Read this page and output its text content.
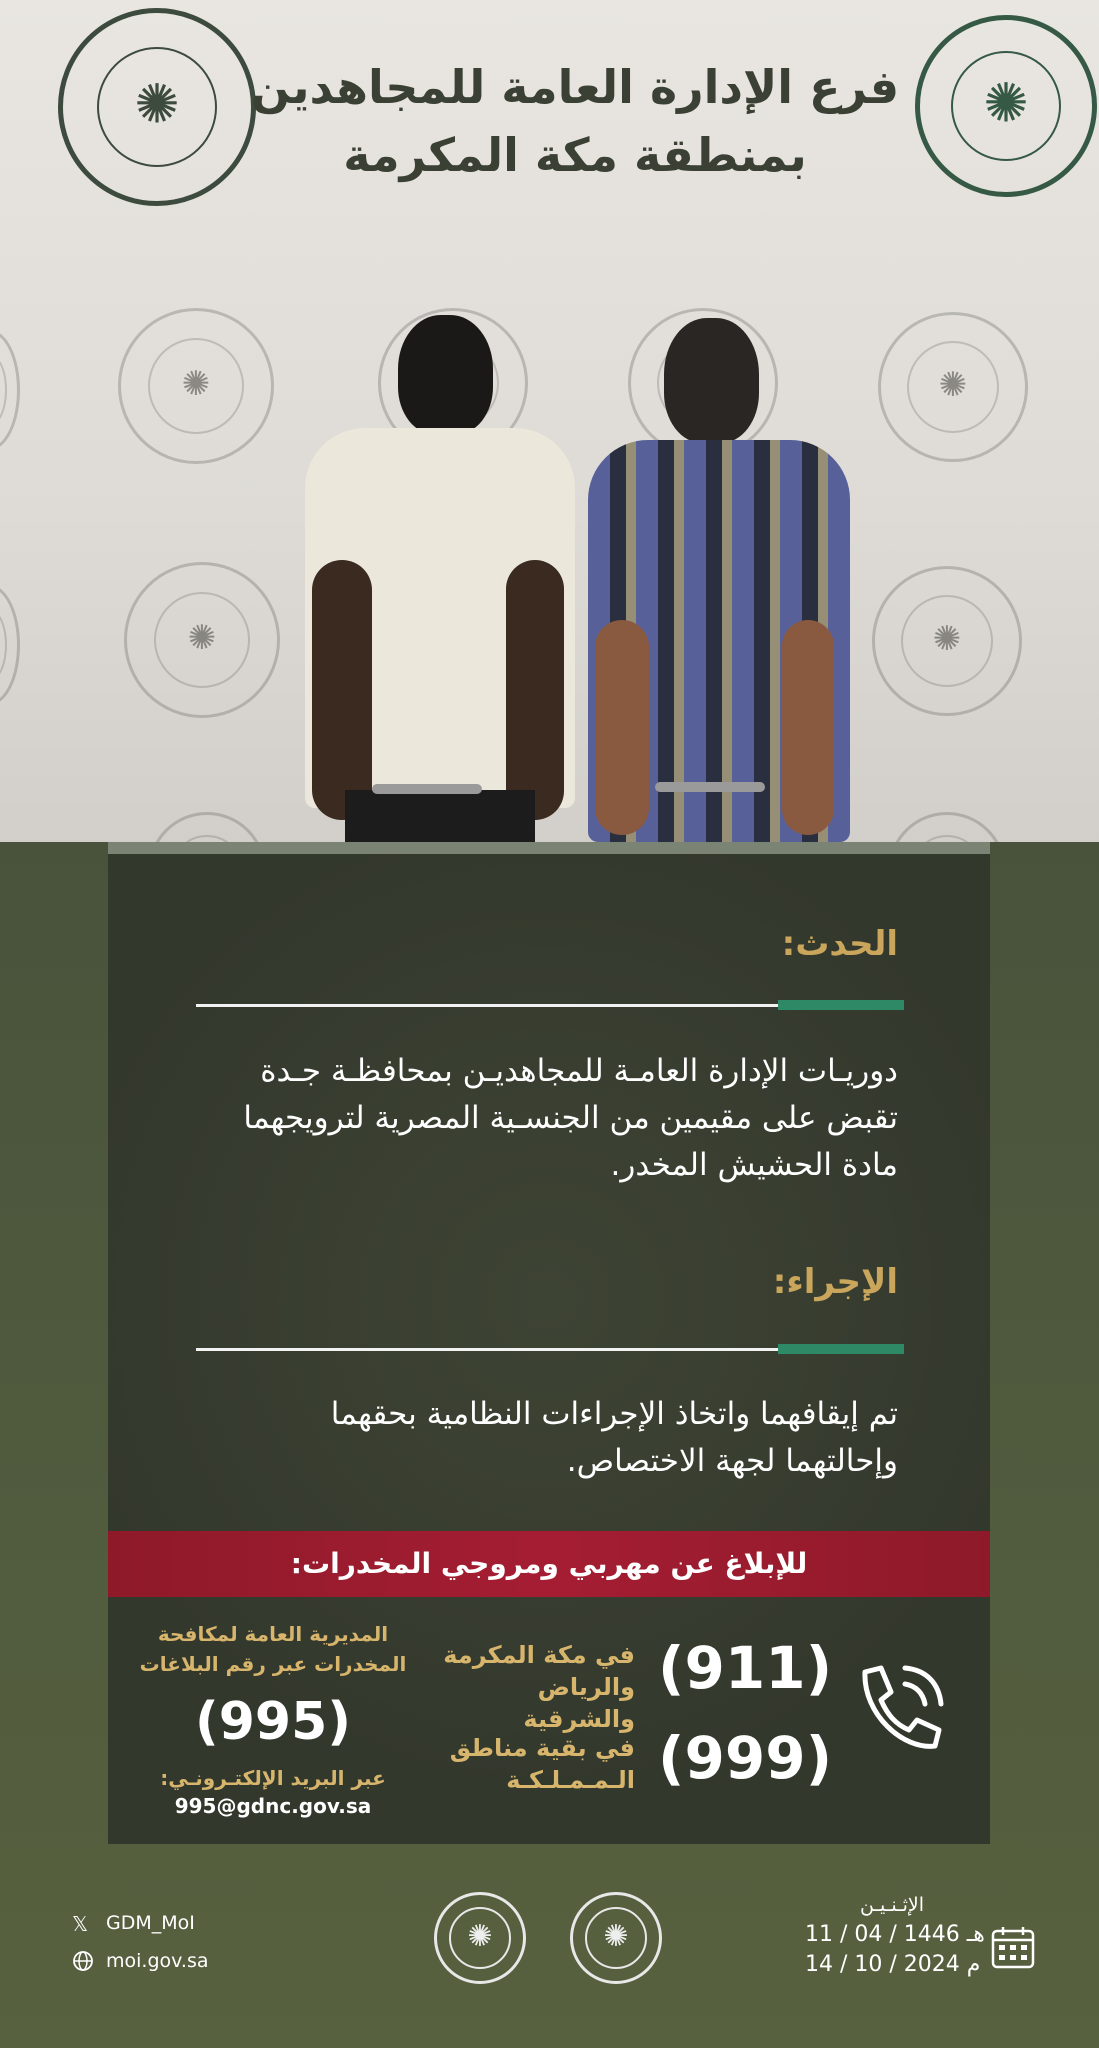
✺	✺
فرع الإدارة العامة للمجاهدين
بمنطقة مكة المكرمة
✺	✺
✺	✺
الحدث:
دوريـات الإدارة العامـة للمجاهديـن بمحافظـة جـدة
تقبض على مقيمين من الجنسـية المصرية لترويجهما
مادة الحشيش المخدر.
الإجراء:
تم إيقافهما واتخاذ الإجراءات النظامية بحقهما
وإحالتهما لجهة الاختصاص.
للإبلاغ عن مهربي ومروجي المخدرات:
(911)
في مكة المكرمة
والرياض والشرقية
(999)
في بقية مناطق
الـمـمـلـكـة
المديرية العامة لمكافحة
المخدرات عبر رقم البلاغات
(995)
عبر البريد الإلكتـرونـي:
995@gdnc.gov.sa
𝕏 GDM_MoI
moi.gov.sa
✺	✺
الإثـنـيـن
11 / 04 / 1446 هـ
14 / 10 / 2024 م
